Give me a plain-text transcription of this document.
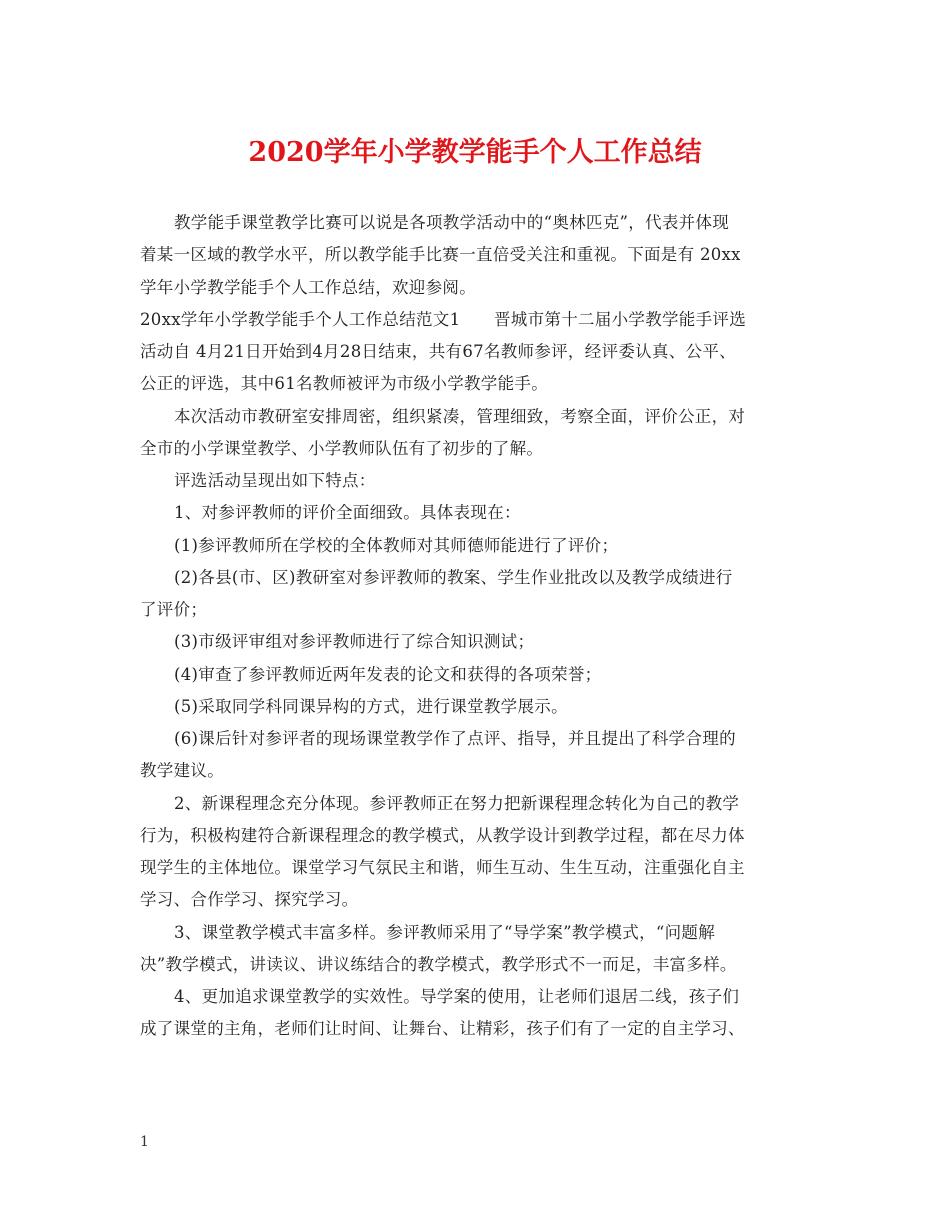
2020学年小学教学能手个人工作总结
教学能手课堂教学比赛可以说是各项教学活动中的“奥林匹克”，代表并体现
着某一区域的教学水平，所以教学能手比赛一直倍受关注和重视。下面是有 20xx
学年小学教学能手个人工作总结，欢迎参阅。
20xx学年小学教学能手个人工作总结范文1　　晋城市第十二届小学教学能手评选
活动自 4月21日开始到4月28日结束，共有67名教师参评，经评委认真、公平、
公正的评选，其中61名教师被评为市级小学教学能手。
本次活动市教研室安排周密，组织紧凑，管理细致，考察全面，评价公正，对
全市的小学课堂教学、小学教师队伍有了初步的了解。
评选活动呈现出如下特点：
1、对参评教师的评价全面细致。具体表现在：
(1)参评教师所在学校的全体教师对其师德师能进行了评价；
(2)各县(市、区)教研室对参评教师的教案、学生作业批改以及教学成绩进行
了评价；
(3)市级评审组对参评教师进行了综合知识测试；
(4)审查了参评教师近两年发表的论文和获得的各项荣誉；
(5)采取同学科同课异构的方式，进行课堂教学展示。
(6)课后针对参评者的现场课堂教学作了点评、指导，并且提出了科学合理的
教学建议。
2、新课程理念充分体现。参评教师正在努力把新课程理念转化为自己的教学
行为，积极构建符合新课程理念的教学模式，从教学设计到教学过程，都在尽力体
现学生的主体地位。课堂学习气氛民主和谐，师生互动、生生互动，注重强化自主
学习、合作学习、探究学习。
3、课堂教学模式丰富多样。参评教师采用了“导学案”教学模式，“问题解
决”教学模式，讲读议、讲议练结合的教学模式，教学形式不一而足，丰富多样。
4、更加追求课堂教学的实效性。导学案的使用，让老师们退居二线，孩子们
成了课堂的主角，老师们让时间、让舞台、让精彩，孩子们有了一定的自主学习、
1
